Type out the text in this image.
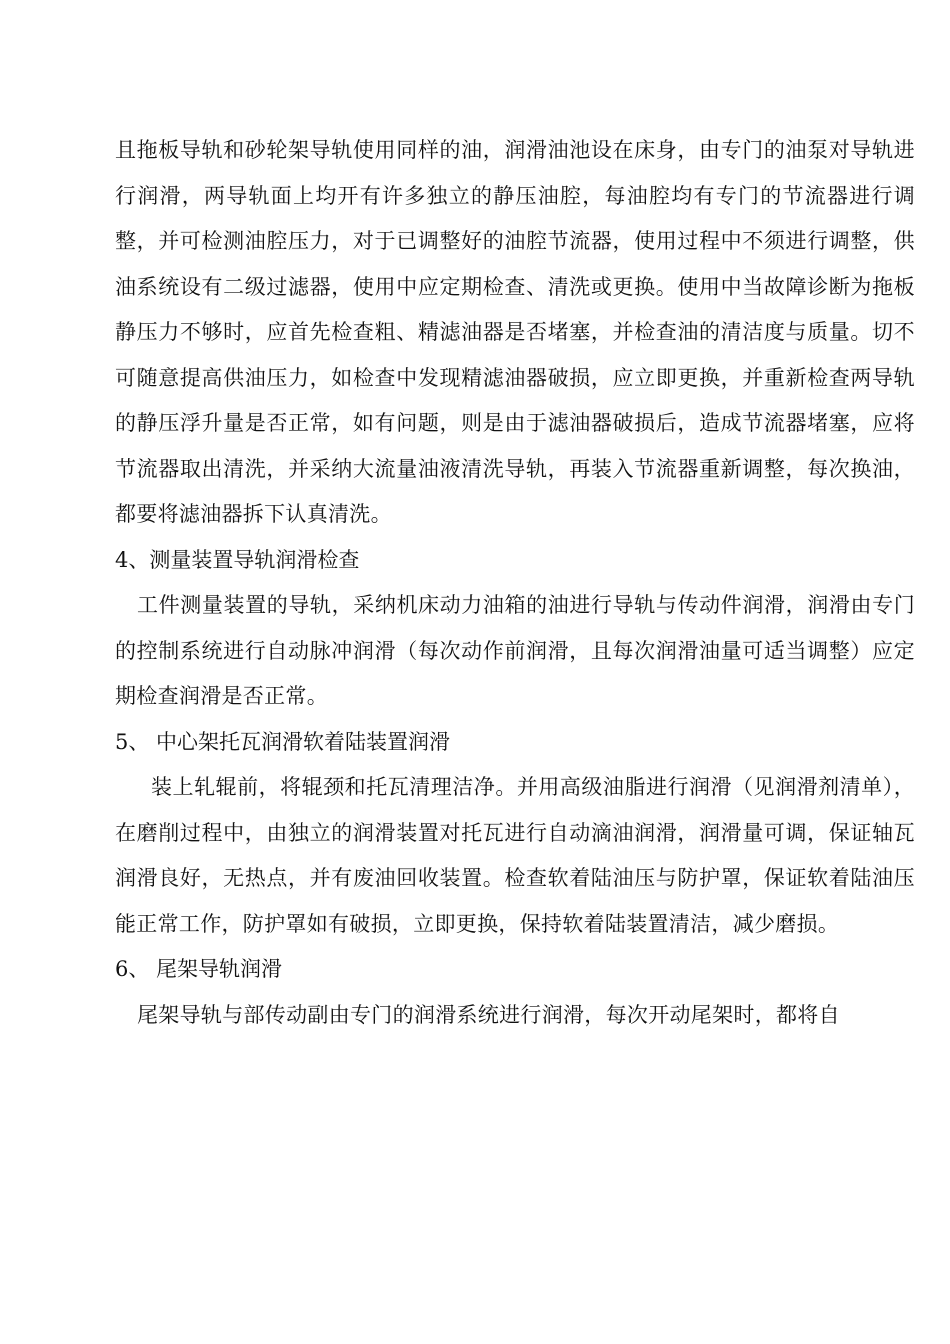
且拖板导轨和砂轮架导轨使用同样的油，润滑油池设在床身，由专门的油泵对导轨进行润滑，两导轨面上均开有许多独立的静压油腔，每油腔均有专门的节流器进行调整，并可检测油腔压力，对于已调整好的油腔节流器，使用过程中不须进行调整，供油系统设有二级过滤器，使用中应定期检查、清洗或更换。使用中当故障诊断为拖板静压力不够时，应首先检查粗、精滤油器是否堵塞，并检查油的清洁度与质量。切不可随意提高供油压力，如检查中发现精滤油器破损，应立即更换，并重新检查两导轨的静压浮升量是否正常，如有问题，则是由于滤油器破损后，造成节流器堵塞，应将节流器取出清洗，并采纳大流量油液清洗导轨，再装入节流器重新调整，每次换油，都要将滤油器拆下认真清洗。

4、测量装置导轨润滑检查

工件测量装置的导轨，采纳机床动力油箱的油进行导轨与传动件润滑，润滑由专门的控制系统进行自动脉冲润滑（每次动作前润滑，且每次润滑油量可适当调整）应定期检查润滑是否正常。

5、 中心架托瓦润滑软着陆装置润滑

装上轧辊前，将辊颈和托瓦清理洁净。并用高级油脂进行润滑（见润滑剂清单），在磨削过程中，由独立的润滑装置对托瓦进行自动滴油润滑，润滑量可调，保证轴瓦润滑良好，无热点，并有废油回收装置。检查软着陆油压与防护罩，保证软着陆油压能正常工作，防护罩如有破损，立即更换，保持软着陆装置清洁，减少磨损。

6、 尾架导轨润滑

尾架导轨与部传动副由专门的润滑系统进行润滑，每次开动尾架时，都将自
